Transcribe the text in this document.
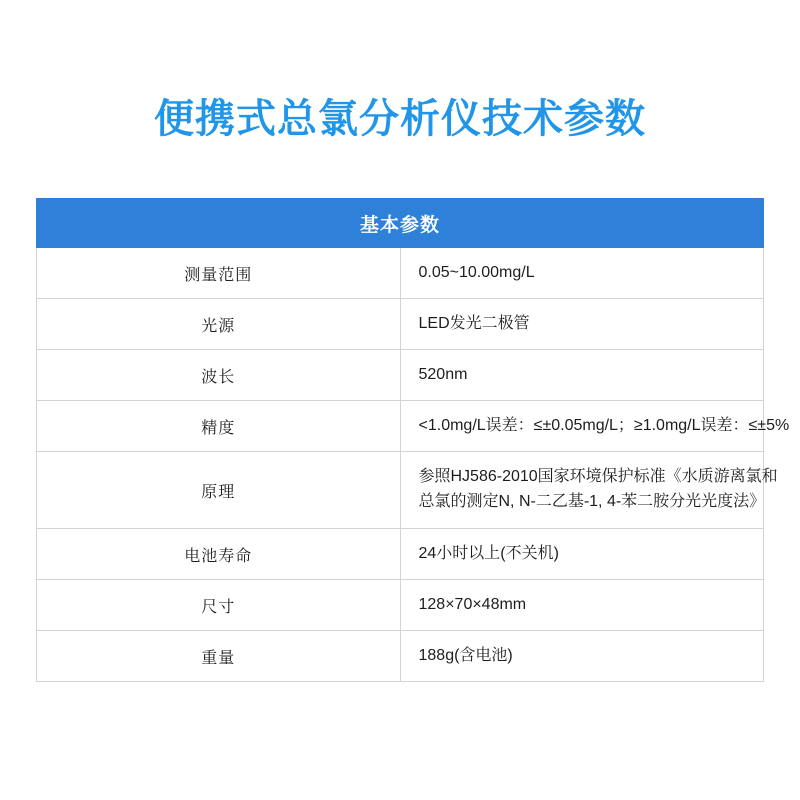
便携式总氯分析仪技术参数
基本参数	
测量范围	0.05~10.00mg/L

光源	LED发光二极管

波长	520nm

精度	<1.0mg/L误差：≤±0.05mg/L；≥1.0mg/L误差：≤±5%

原理	参照HJ586-2010国家环境保护标准《水质游离氯和
总氯的测定N, N-二乙基-1, 4-苯二胺分光光度法》

电池寿命	24小时以上(不关机)

尺寸	128×70×48mm

重量	188g(含电池)
